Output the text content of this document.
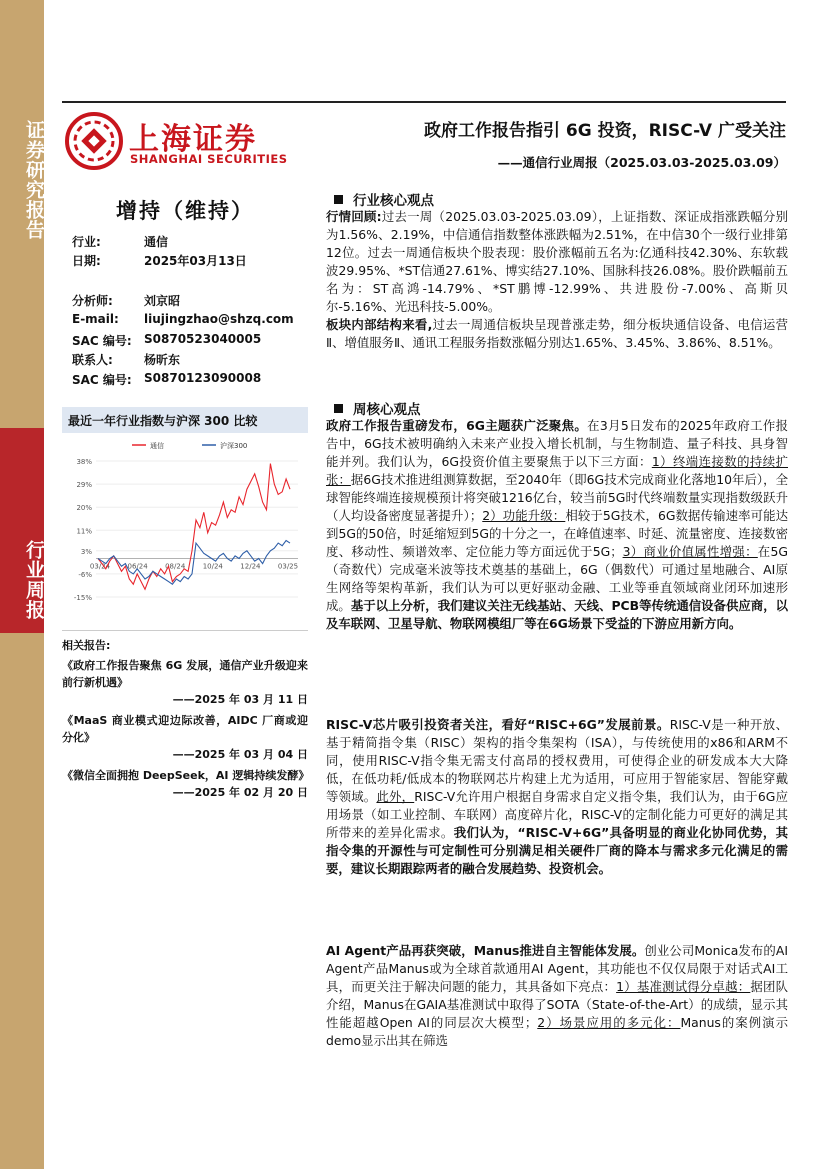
证券研究报告
行业周报
上海证券
SHANGHAI SECURITIES
政府工作报告指引 6G 投资，RISC-V 广受关注
——通信行业周报（2025.03.03-2025.03.09）
增持（维持）
行业:	通信
日期:	2025年03月13日
分析师:	刘京昭
E-mail: liujingzhao@shzq.com
SAC 编号: S0870523040005
联系人:	杨昕东
SAC 编号: S0870123090008
最近一年行业指数与沪深 300 比较
38%
29%
20%
11%
3%
-6%
-15%
03/24 06/24 08/24 10/24 12/24 03/25
通信	沪深300
相关报告:
《政府工作报告聚焦 6G 发展，通信产业升级迎来前行新机遇》
——2025 年 03 月 11 日
《MaaS 商业模式迎边际改善，AIDC 厂商或迎分化》
——2025 年 03 月 04 日
《微信全面拥抱 DeepSeek，AI 逻辑持续发酵》
——2025 年 02 月 20 日
行业核心观点
行情回顾:过去一周（2025.03.03-2025.03.09），上证指数、深证成指涨跌幅分别为1.56%、2.19%，中信通信指数整体涨跌幅为2.51%，在中信30个一级行业排第12位。过去一周通信板块个股表现：股价涨幅前五名为:亿通科技42.30%、东软载波29.95%、*ST信通27.61%、博实结27.10%、国脉科技26.08%。股价跌幅前五名为：ST高鸿-14.79%、*ST鹏博-12.99%、共进股份-7.00%、高斯贝尔-5.16%、光迅科技-5.00%。
板块内部结构来看,过去一周通信板块呈现普涨走势，细分板块通信设备、电信运营Ⅱ、增值服务Ⅱ、通讯工程服务指数涨幅分别达1.65%、3.45%、3.86%、8.51%。
周核心观点
政府工作报告重磅发布，6G主题获广泛聚焦。在3月5日发布的2025年政府工作报告中，6G技术被明确纳入未来产业投入增长机制，与生物制造、量子科技、具身智能并列。我们认为，6G投资价值主要聚焦于以下三方面：1）终端连接数的持续扩张：据6G技术推进组测算数据，至2040年（即6G技术完成商业化落地10年后），全球智能终端连接规模预计将突破1216亿台，较当前5G时代终端数量实现指数级跃升（人均设备密度显著提升）；2）功能升级：相较于5G技术，6G数据传输速率可能达到5G的50倍，时延缩短到5G的十分之一，在峰值速率、时延、流量密度、连接数密度、移动性、频谱效率、定位能力等方面远优于5G；3）商业价值属性增强：在5G（奇数代）完成毫米波等技术奠基的基础上，6G（偶数代）可通过星地融合、AI原生网络等架构革新，我们认为可以更好驱动金融、工业等垂直领域商业闭环加速形成。基于以上分析，我们建议关注无线基站、天线、PCB等传统通信设备供应商，以及车联网、卫星导航、物联网模组厂等在6G场景下受益的下游应用新方向。
RISC-V芯片吸引投资者关注，看好“RISC+6G”发展前景。RISC-V是一种开放、基于精简指令集（RISC）架构的指令集架构（ISA），与传统使用的x86和ARM不同，使用RISC-V指令集无需支付高昂的授权费用，可使得企业的研发成本大大降低，在低功耗/低成本的物联网芯片构建上尤为适用，可应用于智能家居、智能穿戴等领域。此外，RISC-V允许用户根据自身需求自定义指令集，我们认为，由于6G应用场景（如工业控制、车联网）高度碎片化，RISC-V的定制化能力可更好的满足其所带来的差异化需求。我们认为，“RISC-V+6G”具备明显的商业化协同优势，其指令集的开源性与可定制性可分别满足相关硬件厂商的降本与需求多元化满足的需要，建议长期跟踪两者的融合发展趋势、投资机会。
AI Agent产品再获突破，Manus推进自主智能体发展。创业公司Monica发布的AI Agent产品Manus或为全球首款通用AI Agent，其功能也不仅仅局限于对话式AI工具，而更关注于解决问题的能力，其具备如下亮点：1）基准测试得分卓越：据团队介绍，Manus在GAIA基准测试中取得了SOTA（State-of-the-Art）的成绩，显示其性能超越Open AI的同层次大模型；2）场景应用的多元化：Manus的案例演示demo显示出其在筛选
